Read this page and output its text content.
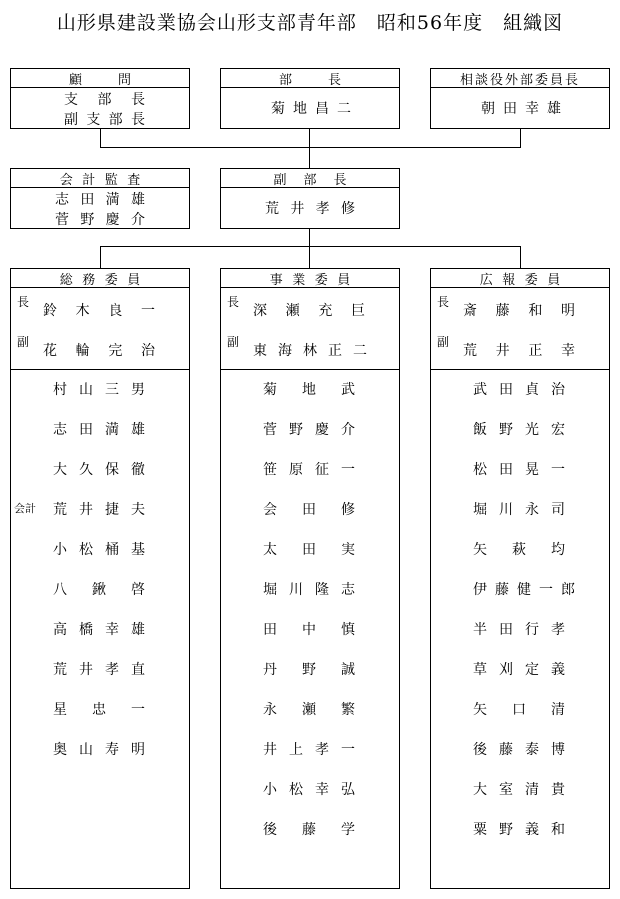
山形県建設業協会山形支部青年部　昭和56年度　組織図
顧	問
支 部 長
副 支 部 長
部	長
菊 地 昌 二
相談役外部委員長
朝 田 幸 雄
会 計 監 査
志 田 満 雄
菅 野 慶 介
副 部 長
荒 井 孝 修
総 務 委 員
長
鈴 木 良 一
副
花 輪 完 治
村 山 三 男
志 田 満 雄
大 久 保 徹
荒 井 捷 夫
小 松 桶 基
八 鍬 啓
高 橋 幸 雄
荒 井 孝 直
星 忠 一
奥 山 寿 明
会計
事 業 委 員
長
深 瀬 充 巨
副
東 海 林 正 二
菊 地 武
菅 野 慶 介
笹 原 征 一
会 田 修
太 田 実
堀 川 隆 志
田 中 慎
丹 野 誠
永 瀬 繁
井 上 孝 一
小 松 幸 弘
後 藤 学
広 報 委 員
長
斎 藤 和 明
副
荒 井 正 幸
武 田 貞 治
飯 野 光 宏
松 田 晃 一
堀 川 永 司
矢 萩 均
伊 藤 健 一 郎
半 田 行 孝
草 刈 定 義
矢 口 清
後 藤 泰 博
大 室 清 貴
粟 野 義 和
